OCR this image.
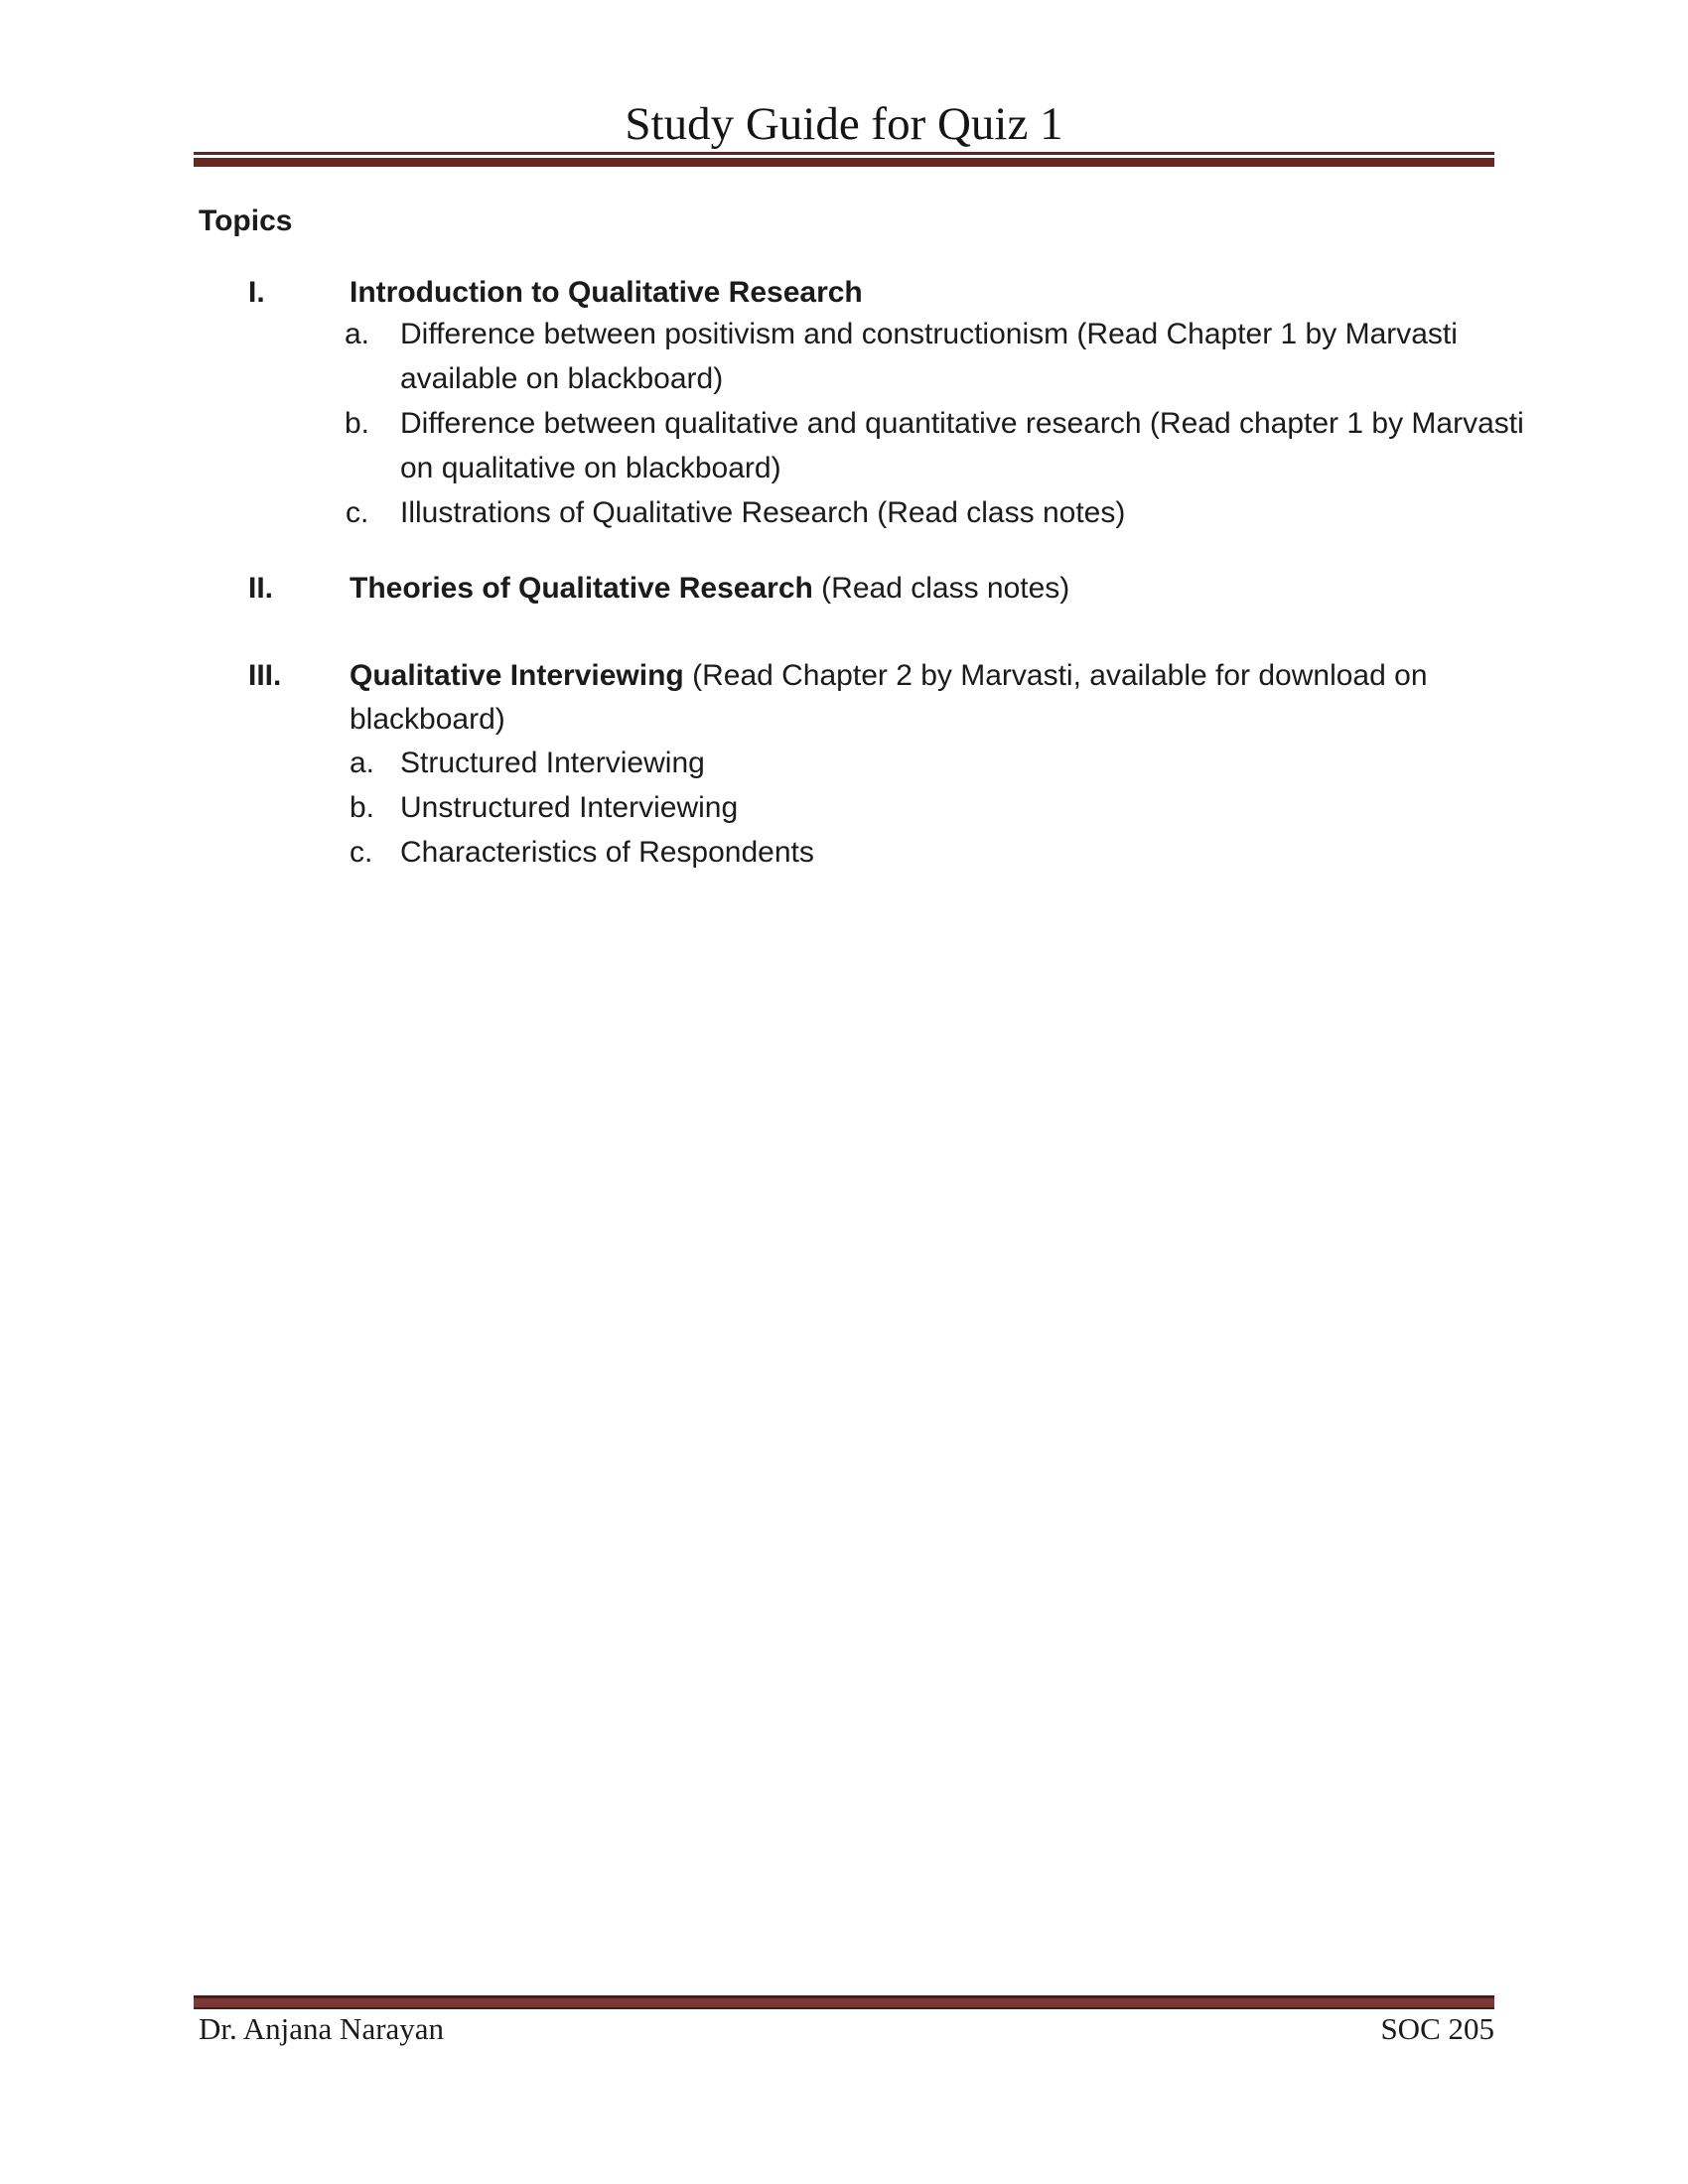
Study Guide for Quiz 1
Topics
I.	Introduction to Qualitative Research
a. Difference between positivism and constructionism (Read Chapter 1 by Marvasti
available on blackboard)
b. Difference between qualitative and quantitative research (Read chapter 1 by Marvasti
on qualitative on blackboard)
c. Illustrations of Qualitative Research (Read class notes)
II.	Theories of Qualitative Research (Read class notes)
III. Qualitative Interviewing (Read Chapter 2 by Marvasti, available for download on
blackboard)
a. Structured Interviewing
b. Unstructured Interviewing
c. Characteristics of Respondents
Dr. Anjana Narayan	SOC 205
